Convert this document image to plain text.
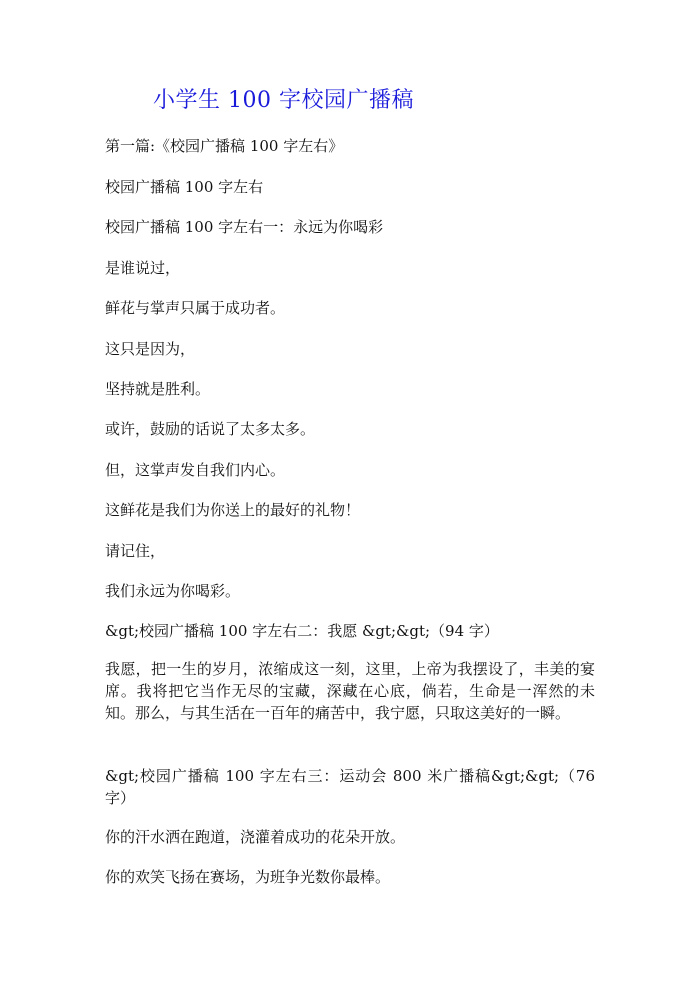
小学生 100 字校园广播稿
第一篇:《校园广播稿 100 字左右》
校园广播稿 100 字左右
校园广播稿 100 字左右一：永远为你喝彩
是谁说过，
鲜花与掌声只属于成功者。
这只是因为，
坚持就是胜利。
或许，鼓励的话说了太多太多。
但，这掌声发自我们内心。
这鲜花是我们为你送上的最好的礼物！
请记住，
我们永远为你喝彩。
&gt;校园广播稿 100 字左右二：我愿 &gt;&gt;（94 字）
我愿，把一生的岁月，浓缩成这一刻，这里，上帝为我摆设了，丰美的宴席。我将把它当作无尽的宝藏，深藏在心底，倘若，生命是一浑然的未知。那么，与其生活在一百年的痛苦中，我宁愿，只取这美好的一瞬。
&gt;校园广播稿 100 字左右三：运动会 800 米广播稿&gt;&gt;（76 字）
你的汗水洒在跑道，浇灌着成功的花朵开放。
你的欢笑飞扬在赛场，为班争光数你最棒。
